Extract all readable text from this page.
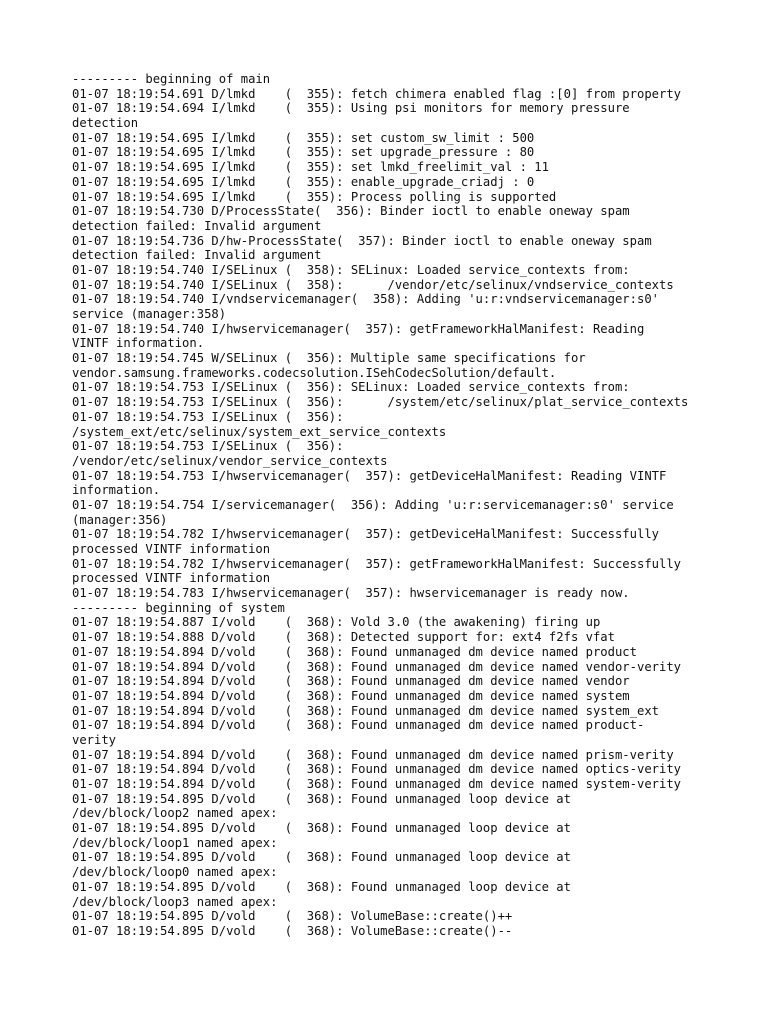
--------- beginning of main
01-07 18:19:54.691 D/lmkd    (  355): fetch chimera enabled flag :[0] from property
01-07 18:19:54.694 I/lmkd    (  355): Using psi monitors for memory pressure
detection
01-07 18:19:54.695 I/lmkd    (  355): set custom_sw_limit : 500
01-07 18:19:54.695 I/lmkd    (  355): set upgrade_pressure : 80
01-07 18:19:54.695 I/lmkd    (  355): set lmkd_freelimit_val : 11
01-07 18:19:54.695 I/lmkd    (  355): enable_upgrade_criadj : 0
01-07 18:19:54.695 I/lmkd    (  355): Process polling is supported
01-07 18:19:54.730 D/ProcessState(  356): Binder ioctl to enable oneway spam
detection failed: Invalid argument
01-07 18:19:54.736 D/hw-ProcessState(  357): Binder ioctl to enable oneway spam
detection failed: Invalid argument
01-07 18:19:54.740 I/SELinux (  358): SELinux: Loaded service_contexts from:
01-07 18:19:54.740 I/SELinux (  358):      /vendor/etc/selinux/vndservice_contexts
01-07 18:19:54.740 I/vndservicemanager(  358): Adding 'u:r:vndservicemanager:s0'
service (manager:358)
01-07 18:19:54.740 I/hwservicemanager(  357): getFrameworkHalManifest: Reading
VINTF information.
01-07 18:19:54.745 W/SELinux (  356): Multiple same specifications for
vendor.samsung.frameworks.codecsolution.ISehCodecSolution/default.
01-07 18:19:54.753 I/SELinux (  356): SELinux: Loaded service_contexts from:
01-07 18:19:54.753 I/SELinux (  356):      /system/etc/selinux/plat_service_contexts
01-07 18:19:54.753 I/SELinux (  356):
/system_ext/etc/selinux/system_ext_service_contexts
01-07 18:19:54.753 I/SELinux (  356):
/vendor/etc/selinux/vendor_service_contexts
01-07 18:19:54.753 I/hwservicemanager(  357): getDeviceHalManifest: Reading VINTF
information.
01-07 18:19:54.754 I/servicemanager(  356): Adding 'u:r:servicemanager:s0' service
(manager:356)
01-07 18:19:54.782 I/hwservicemanager(  357): getDeviceHalManifest: Successfully
processed VINTF information
01-07 18:19:54.782 I/hwservicemanager(  357): getFrameworkHalManifest: Successfully
processed VINTF information
01-07 18:19:54.783 I/hwservicemanager(  357): hwservicemanager is ready now.
--------- beginning of system
01-07 18:19:54.887 I/vold    (  368): Vold 3.0 (the awakening) firing up
01-07 18:19:54.888 D/vold    (  368): Detected support for: ext4 f2fs vfat
01-07 18:19:54.894 D/vold    (  368): Found unmanaged dm device named product
01-07 18:19:54.894 D/vold    (  368): Found unmanaged dm device named vendor-verity
01-07 18:19:54.894 D/vold    (  368): Found unmanaged dm device named vendor
01-07 18:19:54.894 D/vold    (  368): Found unmanaged dm device named system
01-07 18:19:54.894 D/vold    (  368): Found unmanaged dm device named system_ext
01-07 18:19:54.894 D/vold    (  368): Found unmanaged dm device named product-
verity
01-07 18:19:54.894 D/vold    (  368): Found unmanaged dm device named prism-verity
01-07 18:19:54.894 D/vold    (  368): Found unmanaged dm device named optics-verity
01-07 18:19:54.894 D/vold    (  368): Found unmanaged dm device named system-verity
01-07 18:19:54.895 D/vold    (  368): Found unmanaged loop device at
/dev/block/loop2 named apex:
01-07 18:19:54.895 D/vold    (  368): Found unmanaged loop device at
/dev/block/loop1 named apex:
01-07 18:19:54.895 D/vold    (  368): Found unmanaged loop device at
/dev/block/loop0 named apex:
01-07 18:19:54.895 D/vold    (  368): Found unmanaged loop device at
/dev/block/loop3 named apex:
01-07 18:19:54.895 D/vold    (  368): VolumeBase::create()++
01-07 18:19:54.895 D/vold    (  368): VolumeBase::create()--
